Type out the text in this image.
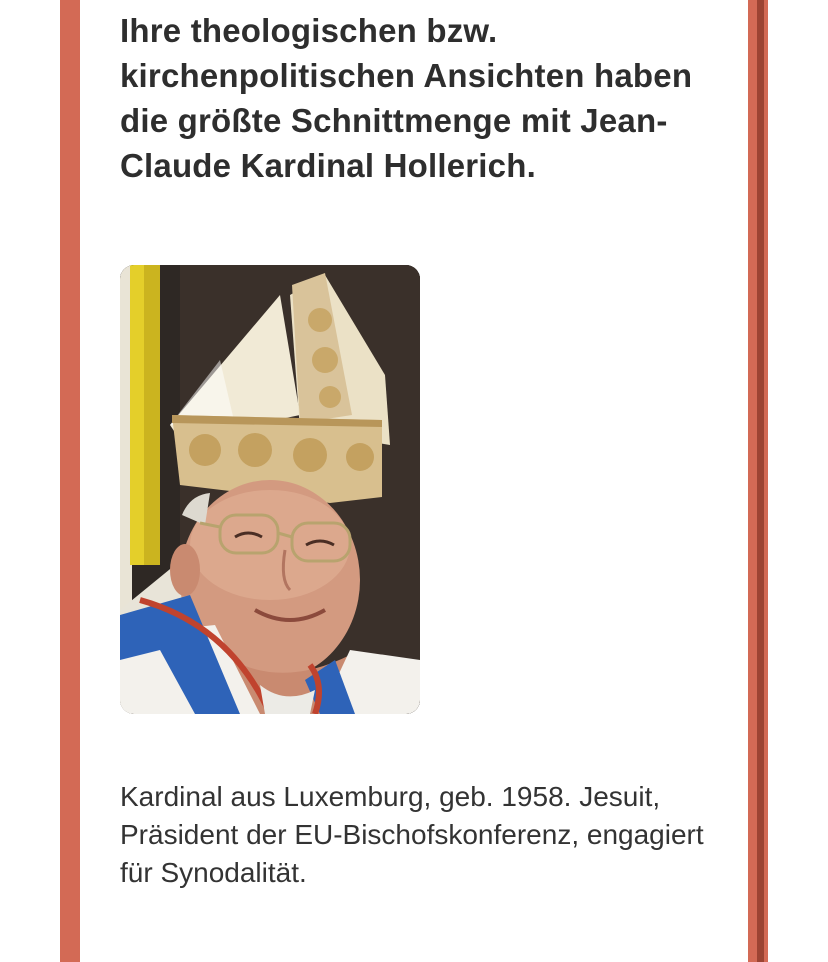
Ihre theologischen bzw. kirchenpolitischen Ansichten haben die größte Schnittmenge mit Jean-Claude Kardinal Hollerich.

Kardinal aus Luxemburg, geb. 1958. Jesuit, Präsident der EU-Bischofskonferenz, engagiert für Synodalität.
